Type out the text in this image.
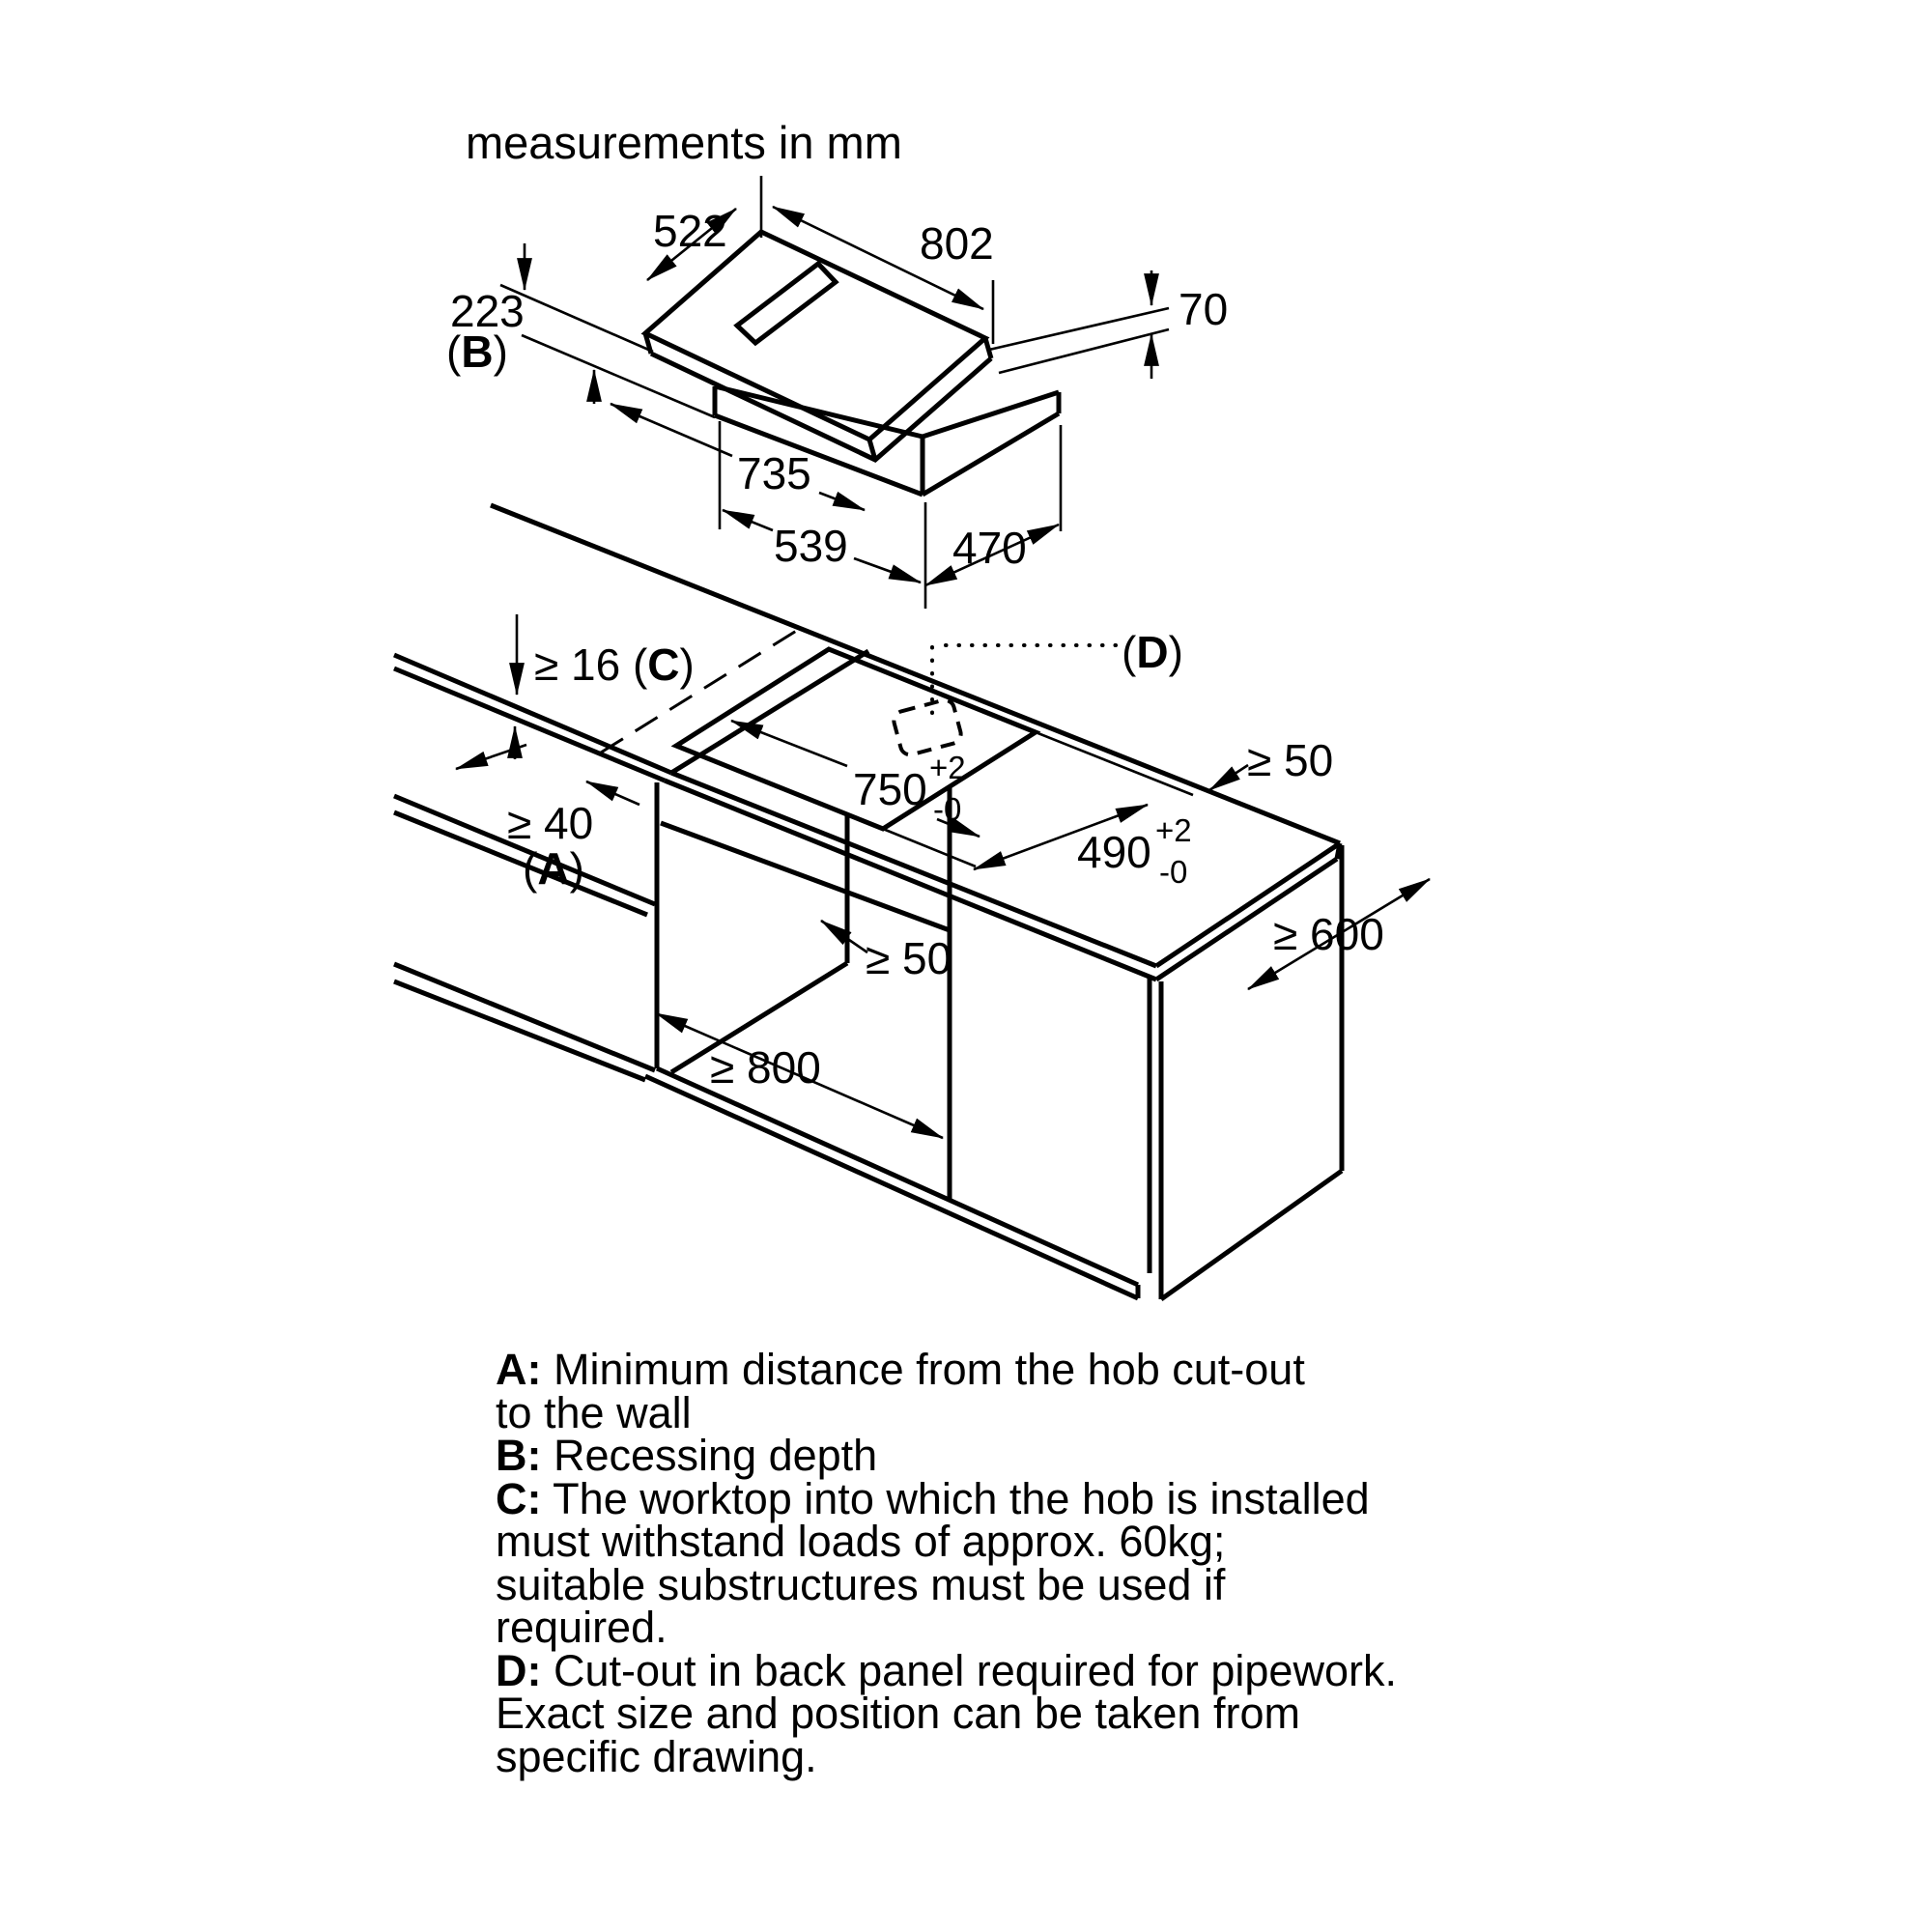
measurements in mm
522	802
70
223
(B)
735
539 470
≥ 16 (C)
≥ 40
(A)
750 +2
-0
490 +2
-0
(D)
≥ 50
≥ 600
≥ 800
≥ 50
A: Minimum distance from the hob cut-out
to the wall
B: Recessing depth
C: The worktop into which the hob is installed
must withstand loads of approx. 60kg;
suitable substructures must be used if
required.
D: Cut-out in back panel required for pipework.
Exact size and position can be taken from
specific drawing.
